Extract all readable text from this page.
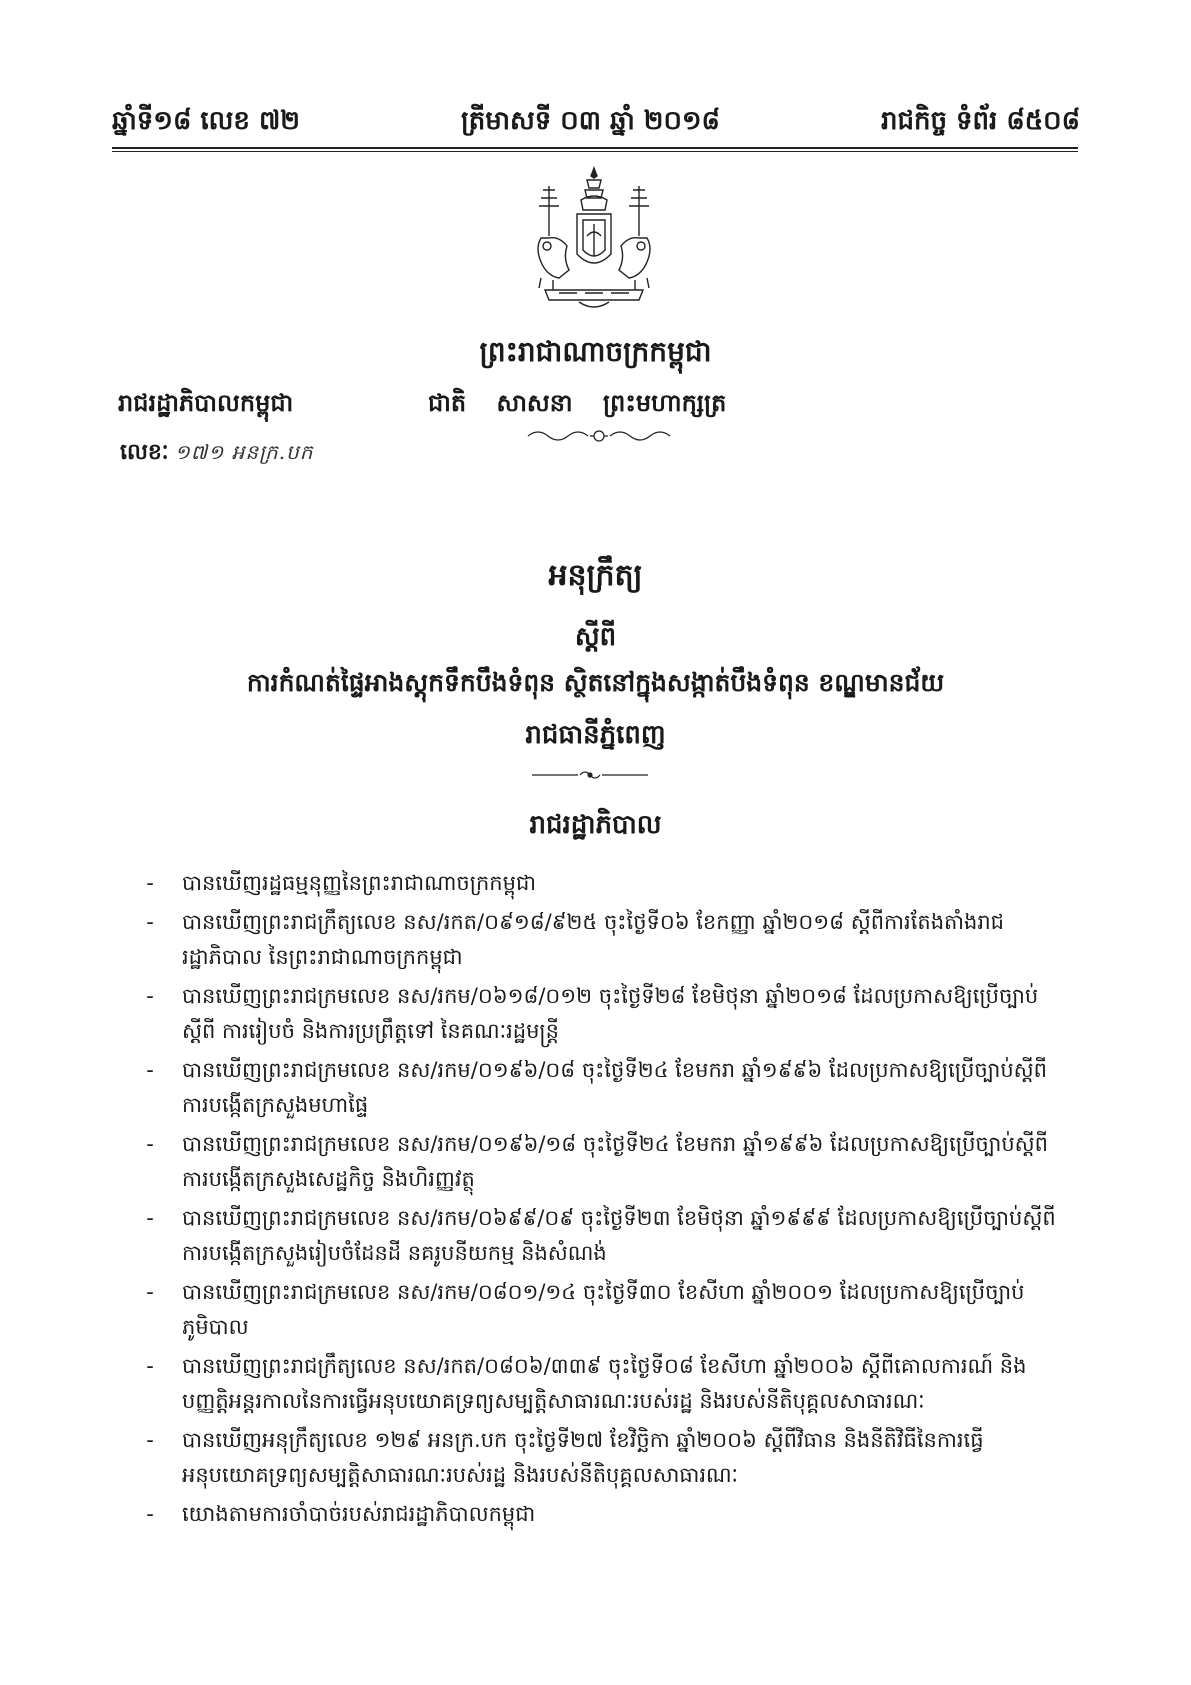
ឆ្នាំទី១៨ លេខ ៧២	ត្រីមាសទី ០៣ ឆ្នាំ ២០១៨	រាជកិច្ច ទំព័រ ៨៥០៨
ព្រះរាជាណាចក្រកម្ពុជា
រាជរដ្ឋាភិបាលកម្ពុជា	ជាតិ សាសនា ព្រះមហាក្សត្រ
លេខៈ ១៧១ អនក្រ.បក
អនុក្រឹត្យ
ស្តីពី
ការកំណត់ផ្ទៃអាងស្តុកទឹកបឹងទំពុន ស្ថិតនៅក្នុងសង្កាត់បឹងទំពុន ខណ្ឌមានជ័យ
រាជធានីភ្នំពេញ
រាជរដ្ឋាភិបាល
- បានឃើញរដ្ឋធម្មនុញ្ញនៃព្រះរាជាណាចក្រកម្ពុជា
- បានឃើញព្រះរាជក្រឹត្យលេខ នស/រកត/០៩១៨/៩២៥ ចុះថ្ងៃទី០៦ ខែកញ្ញា ឆ្នាំ២០១៨ ស្តីពីការតែងតាំងរាជរដ្ឋាភិបាល នៃព្រះរាជាណាចក្រកម្ពុជា
- បានឃើញព្រះរាជក្រមលេខ នស/រកម/០៦១៨/០១២ ចុះថ្ងៃទី២៨ ខែមិថុនា ឆ្នាំ២០១៨ ដែលប្រកាសឱ្យប្រើច្បាប់ស្តីពី ការរៀបចំ និងការប្រព្រឹត្តទៅ នៃគណៈរដ្ឋមន្ត្រី
- បានឃើញព្រះរាជក្រមលេខ នស/រកម/០១៩៦/០៨ ចុះថ្ងៃទី២៤ ខែមករា ឆ្នាំ១៩៩៦ ដែលប្រកាសឱ្យប្រើច្បាប់ស្តីពីការបង្កើតក្រសួងមហាផ្ទៃ
- បានឃើញព្រះរាជក្រមលេខ នស/រកម/០១៩៦/១៨ ចុះថ្ងៃទី២៤ ខែមករា ឆ្នាំ១៩៩៦ ដែលប្រកាសឱ្យប្រើច្បាប់ស្តីពីការបង្កើតក្រសួងសេដ្ឋកិច្ច និងហិរញ្ញវត្ថុ
- បានឃើញព្រះរាជក្រមលេខ នស/រកម/០៦៩៩/០៩ ចុះថ្ងៃទី២៣ ខែមិថុនា ឆ្នាំ១៩៩៩ ដែលប្រកាសឱ្យប្រើច្បាប់ស្តីពីការបង្កើតក្រសួងរៀបចំដែនដី នគរូបនីយកម្ម និងសំណង់
- បានឃើញព្រះរាជក្រមលេខ នស/រកម/០៨០១/១៤ ចុះថ្ងៃទី៣០ ខែសីហា ឆ្នាំ២០០១ ដែលប្រកាសឱ្យប្រើច្បាប់ភូមិបាល
- បានឃើញព្រះរាជក្រឹត្យលេខ នស/រកត/០៨០៦/៣៣៩ ចុះថ្ងៃទី០៨ ខែសីហា ឆ្នាំ២០០៦ ស្តីពីគោលការណ៍ និងបញ្ញត្តិអន្តរកាលនៃការធ្វើអនុបយោគទ្រព្យសម្បត្តិសាធារណៈរបស់រដ្ឋ និងរបស់នីតិបុគ្គលសាធារណៈ
- បានឃើញអនុក្រឹត្យលេខ ១២៩ អនក្រ.បក ចុះថ្ងៃទី២៧ ខែវិច្ឆិកា ឆ្នាំ២០០៦ ស្តីពីវិធាន និងនីតិវិធីនៃការធ្វើអនុបយោគទ្រព្យសម្បត្តិសាធារណៈរបស់រដ្ឋ និងរបស់នីតិបុគ្គលសាធារណៈ
- យោងតាមការចាំបាច់របស់រាជរដ្ឋាភិបាលកម្ពុជា
